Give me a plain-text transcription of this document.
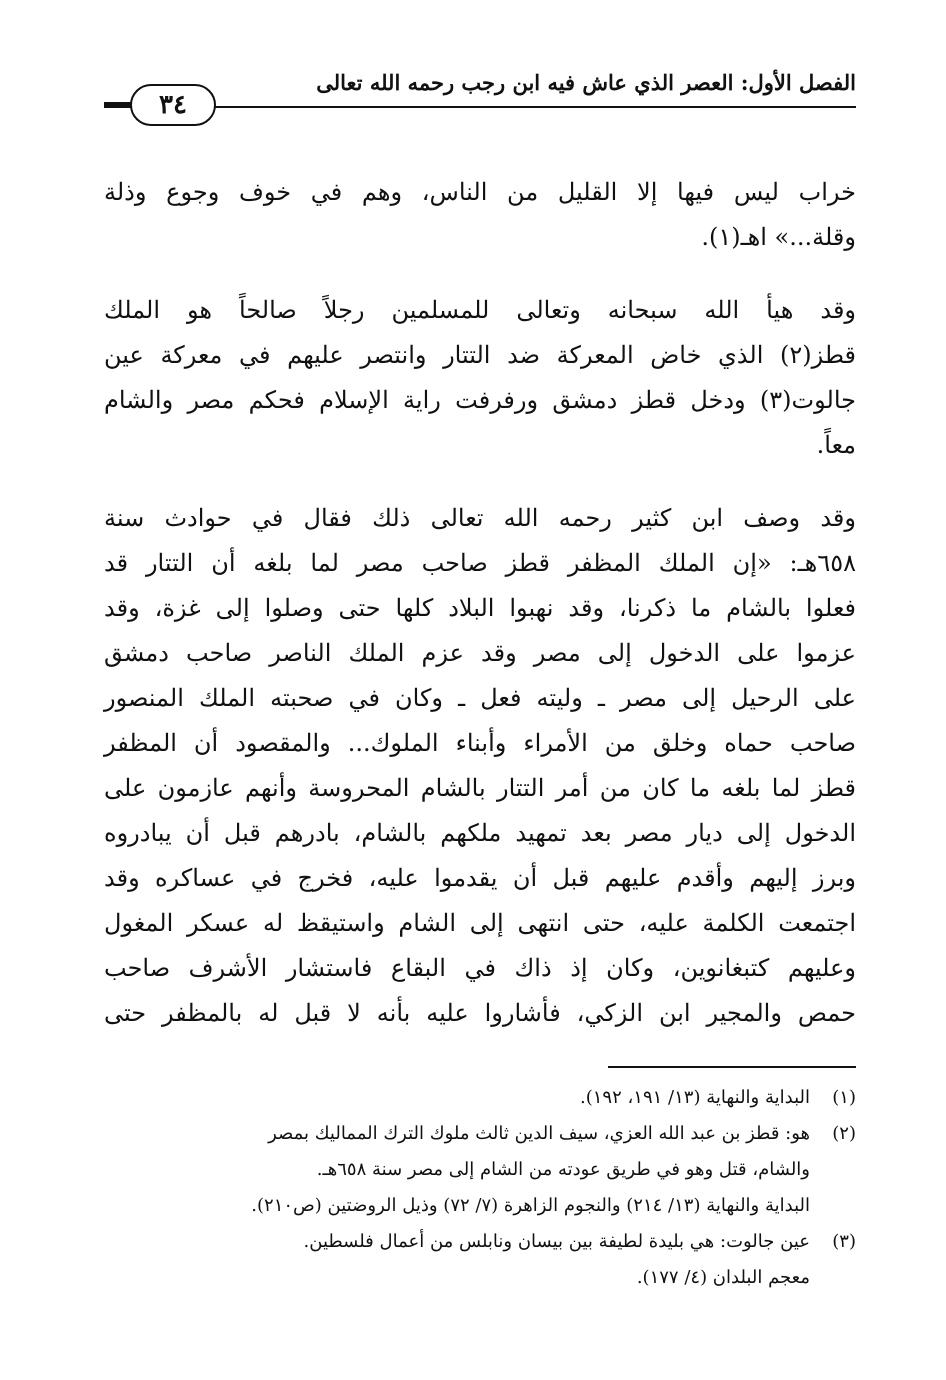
الفصل الأول: العصر الذي عاش فيه ابن رجب رحمه الله تعالى
٣٤
خراب ليس فيها إلا القليل من الناس، وهم في خوف وجوع وذلة
وقلة...» اهـ(١).
وقد هيأ الله سبحانه وتعالى للمسلمين رجلاً صالحاً هو الملك
قطز(٢) الذي خاض المعركة ضد التتار وانتصر عليهم في معركة عين
جالوت(٣) ودخل قطز دمشق ورفرفت راية الإسلام فحكم مصر والشام
معاً.
وقد وصف ابن كثير رحمه الله تعالى ذلك فقال في حوادث سنة
٦٥٨هـ: «إن الملك المظفر قطز صاحب مصر لما بلغه أن التتار قد
فعلوا بالشام ما ذكرنا، وقد نهبوا البلاد كلها حتى وصلوا إلى غزة، وقد
عزموا على الدخول إلى مصر وقد عزم الملك الناصر صاحب دمشق
على الرحيل إلى مصر ـ وليته فعل ـ وكان في صحبته الملك المنصور
صاحب حماه وخلق من الأمراء وأبناء الملوك... والمقصود أن المظفر
قطز لما بلغه ما كان من أمر التتار بالشام المحروسة وأنهم عازمون على
الدخول إلى ديار مصر بعد تمهيد ملكهم بالشام، بادرهم قبل أن يبادروه
وبرز إليهم وأقدم عليهم قبل أن يقدموا عليه، فخرج في عساكره وقد
اجتمعت الكلمة عليه، حتى انتهى إلى الشام واستيقظ له عسكر المغول
وعليهم كتبغانوين، وكان إذ ذاك في البقاع فاستشار الأشرف صاحب
حمص والمجير ابن الزكي، فأشاروا عليه بأنه لا قبل له بالمظفر حتى
(١)البداية والنهاية (١٣/ ١٩١، ١٩٢).
(٢)هو: قطز بن عبد الله العزي، سيف الدين ثالث ملوك الترك المماليك بمصر
والشام، قتل وهو في طريق عودته من الشام إلى مصر سنة ٦٥٨هـ.
البداية والنهاية (١٣/ ٢١٤) والنجوم الزاهرة (٧/ ٧٢) وذيل الروضتين (ص٢١٠).
(٣)عين جالوت: هي بليدة لطيفة بين بيسان ونابلس من أعمال فلسطين.
معجم البلدان (٤/ ١٧٧).
